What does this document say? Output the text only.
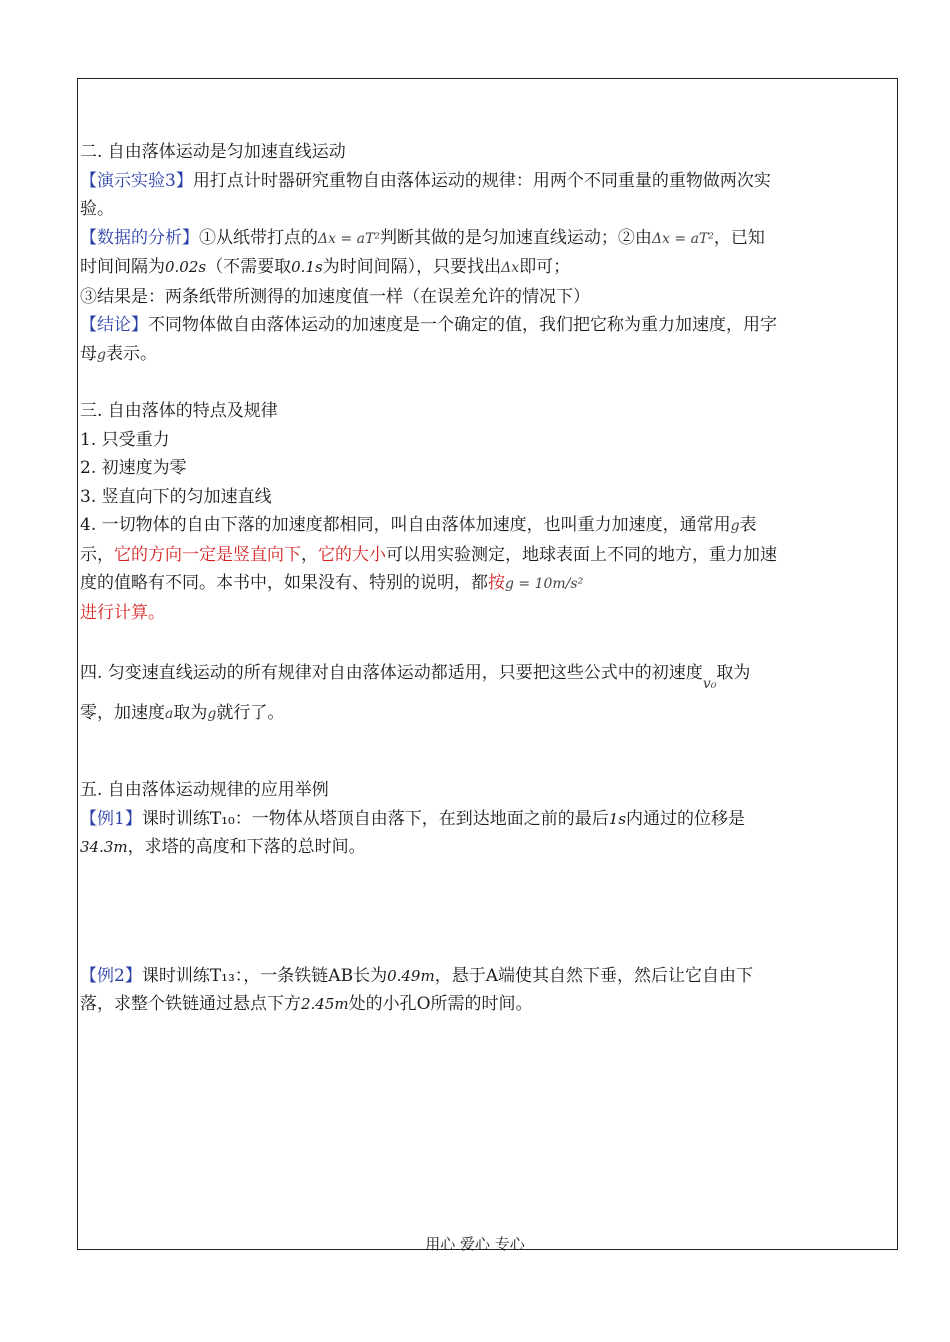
二. 自由落体运动是匀加速直线运动

【演示实验3】用打点计时器研究重物自由落体运动的规律：用两个不同重量的重物做两次实验。

【数据的分析】①从纸带打点的Δx = aT²判断其做的是匀加速直线运动；②由Δx = aT²，已知时间间隔为0.02s（不需要取0.1s为时间间隔），只要找出Δx即可；

③结果是：两条纸带所测得的加速度值一样（在误差允许的情况下）

【结论】不同物体做自由落体运动的加速度是一个确定的值，我们把它称为重力加速度，用字母g表示。

三. 自由落体的特点及规律

1. 只受重力

2. 初速度为零

3. 竖直向下的匀加速直线

4. 一切物体的自由下落的加速度都相同，叫自由落体加速度，也叫重力加速度，通常用g表示，它的方向一定是竖直向下，它的大小可以用实验测定，地球表面上不同的地方，重力加速度的值略有不同。本书中，如果没有、特别的说明，都按g = 10m/s²
进行计算。

四. 匀变速直线运动的所有规律对自由落体运动都适用，只要把这些公式中的初速度v₀取为零，加速度a取为g就行了。

五. 自由落体运动规律的应用举例

【例1】课时训练T₁₀：一物体从塔顶自由落下，在到达地面之前的最后1s内通过的位移是34.3m，求塔的高度和下落的总时间。

【例2】课时训练T₁₃：，一条铁链AB长为0.49m，悬于A端使其自然下垂，然后让它自由下落，求整个铁链通过悬点下方2.45m处的小孔O所需的时间。

用心 爱心 专心
